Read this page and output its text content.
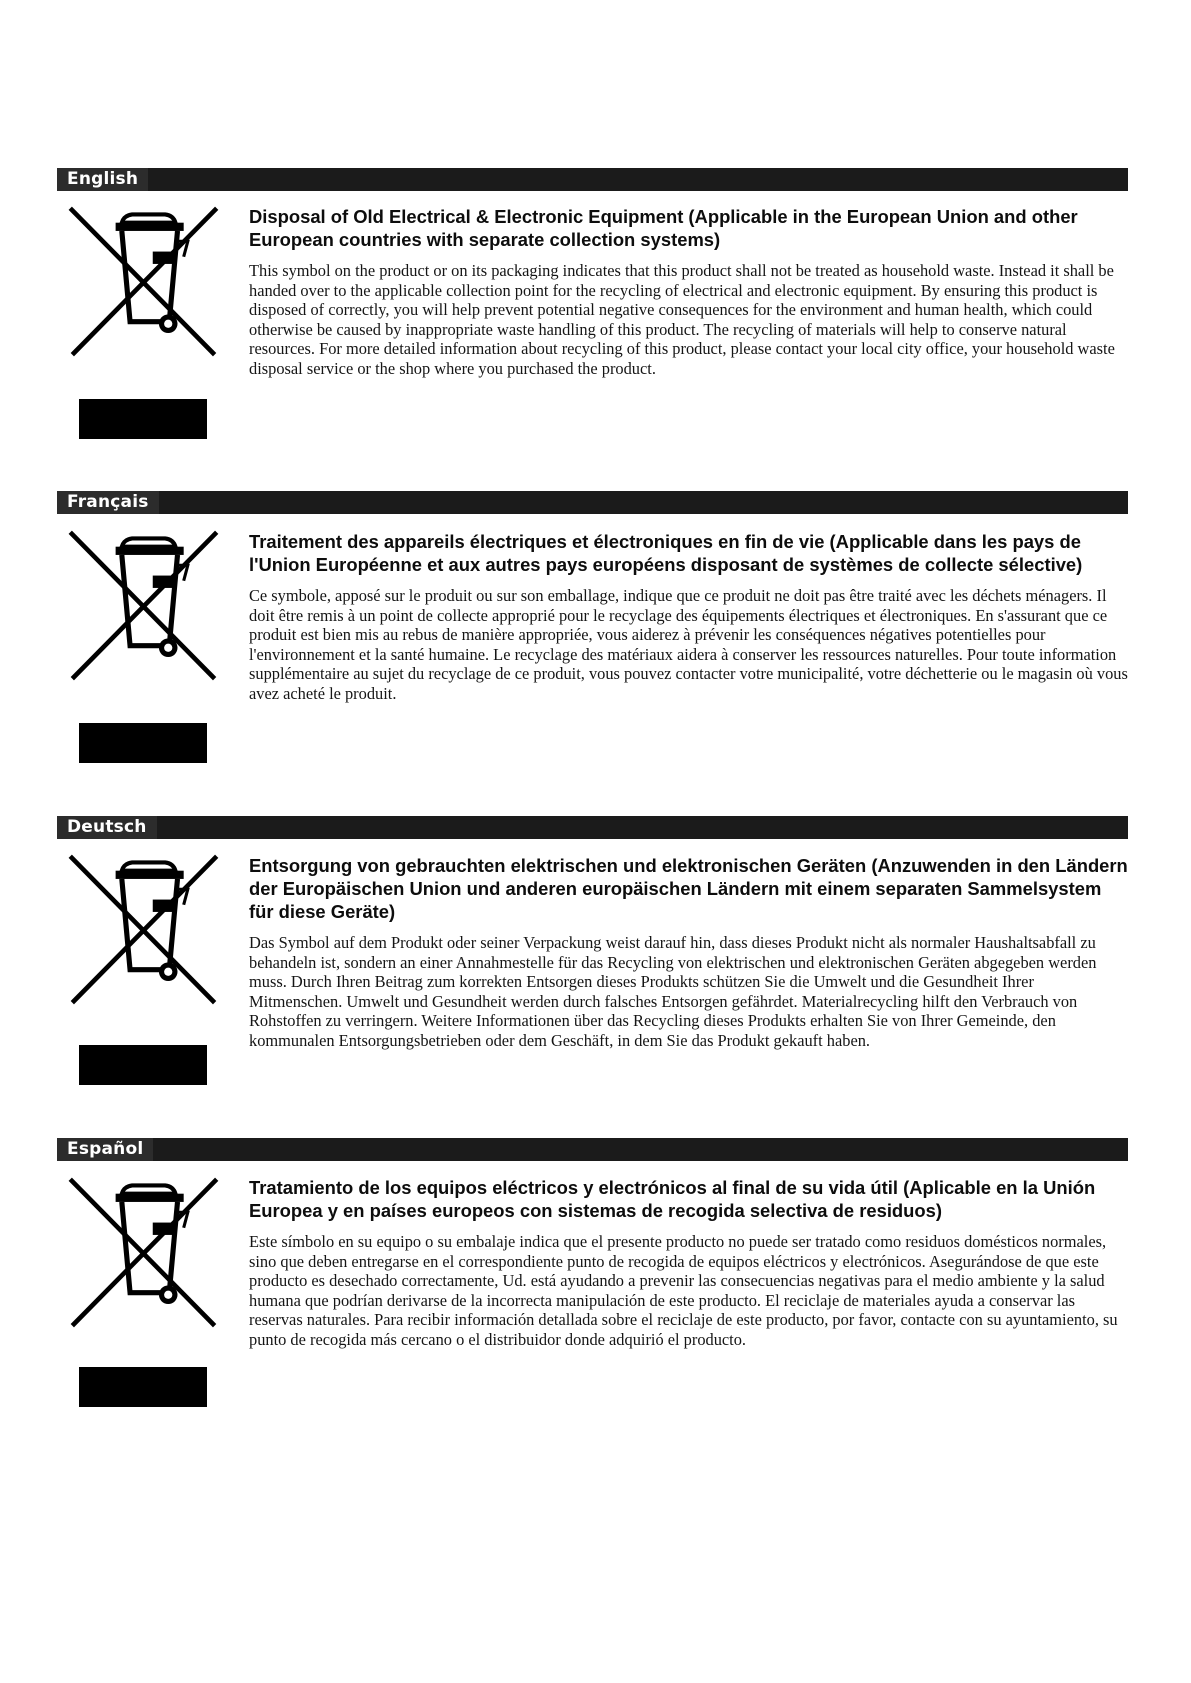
English

Disposal of Old Electrical & Electronic Equipment (Applicable in the European Union and other European countries with separate collection systems)

This symbol on the product or on its packaging indicates that this product shall not be treated as household waste. Instead it shall be handed over to the applicable collection point for the recycling of electrical and electronic equipment. By ensuring this product is disposed of correctly, you will help prevent potential negative consequences for the environment and human health, which could otherwise be caused by inappropriate waste handling of this product. The recycling of materials will help to conserve natural resources. For more detailed information about recycling of this product, please contact your local city office, your household waste disposal service or the shop where you purchased the product.

Français

Traitement des appareils électriques et électroniques en fin de vie (Applicable dans les pays de l'Union Européenne et aux autres pays européens disposant de systèmes de collecte sélective)

Ce symbole, apposé sur le produit ou sur son emballage, indique que ce produit ne doit pas être traité avec les déchets ménagers. Il doit être remis à un point de collecte approprié pour le recyclage des équipements électriques et électroniques. En s'assurant que ce produit est bien mis au rebus de manière appropriée, vous aiderez à prévenir les conséquences négatives potentielles pour l'environnement et la santé humaine. Le recyclage des matériaux aidera à conserver les ressources naturelles. Pour toute information supplémentaire au sujet du recyclage de ce produit, vous pouvez contacter votre municipalité, votre déchetterie ou le magasin où vous avez acheté le produit.

Deutsch

Entsorgung von gebrauchten elektrischen und elektronischen Geräten (Anzuwenden in den Ländern der Europäischen Union und anderen europäischen Ländern mit einem separaten Sammelsystem für diese Geräte)

Das Symbol auf dem Produkt oder seiner Verpackung weist darauf hin, dass dieses Produkt nicht als normaler Haushaltsabfall zu behandeln ist, sondern an einer Annahmestelle für das Recycling von elektrischen und elektronischen Geräten abgegeben werden muss. Durch Ihren Beitrag zum korrekten Entsorgen dieses Produkts schützen Sie die Umwelt und die Gesundheit Ihrer Mitmenschen. Umwelt und Gesundheit werden durch falsches Entsorgen gefährdet. Materialrecycling hilft den Verbrauch von Rohstoffen zu verringern. Weitere Informationen über das Recycling dieses Produkts erhalten Sie von Ihrer Gemeinde, den kommunalen Entsorgungsbetrieben oder dem Geschäft, in dem Sie das Produkt gekauft haben.

Español

Tratamiento de los equipos eléctricos y electrónicos al final de su vida útil (Aplicable en la Unión Europea y en países europeos con sistemas de recogida selectiva de residuos)

Este símbolo en su equipo o su embalaje indica que el presente producto no puede ser tratado como residuos domésticos normales, sino que deben entregarse en el correspondiente punto de recogida de equipos eléctricos y electrónicos. Asegurándose de que este producto es desechado correctamente, Ud. está ayudando a prevenir las consecuencias negativas para el medio ambiente y la salud humana que podrían derivarse de la incorrecta manipulación de este producto. El reciclaje de materiales ayuda a conservar las reservas naturales. Para recibir información detallada sobre el reciclaje de este producto, por favor, contacte con su ayuntamiento, su punto de recogida más cercano o el distribuidor donde adquirió el producto.
